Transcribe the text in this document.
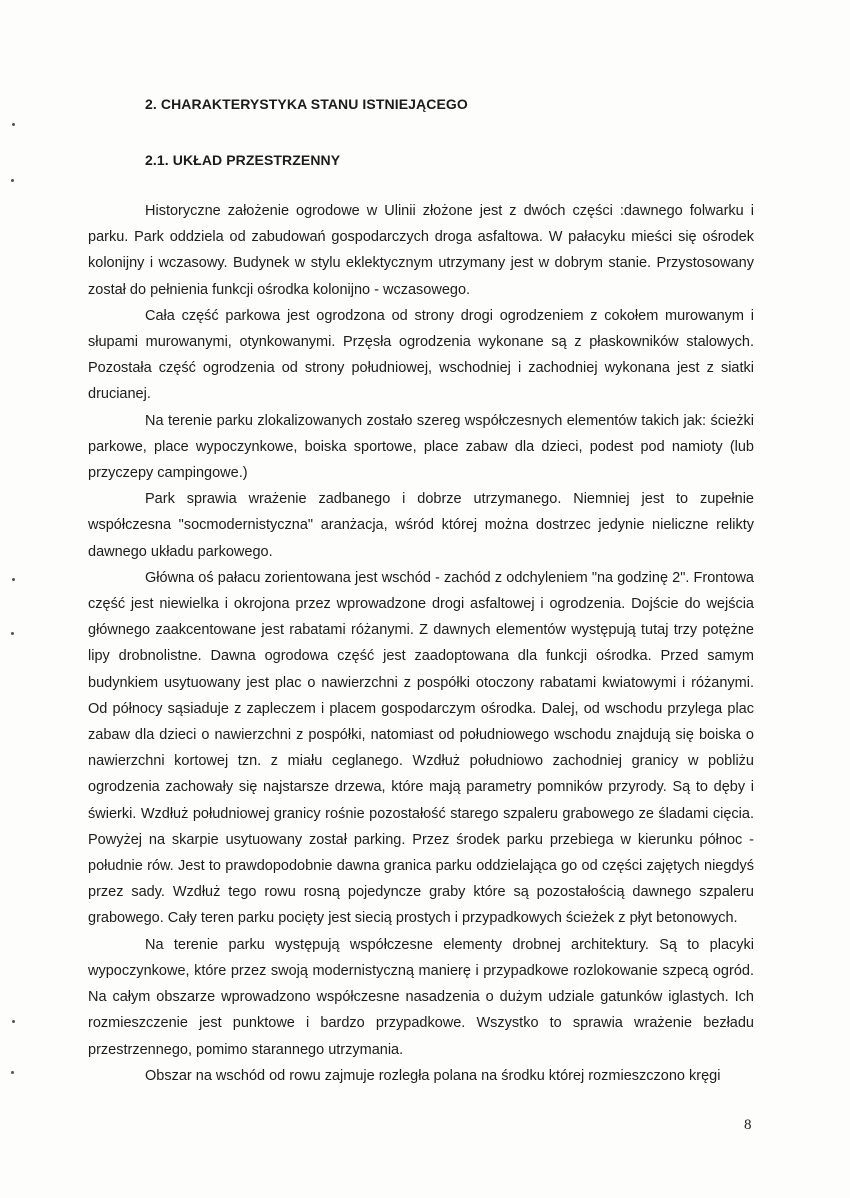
2. CHARAKTERYSTYKA STANU ISTNIEJĄCEGO
2.1. UKŁAD PRZESTRZENNY

Historyczne założenie ogrodowe w Ulinii złożone jest z dwóch części :dawnego folwarku i parku. Park oddziela od zabudowań gospodarczych droga asfaltowa. W pałacyku mieści się ośrodek kolonijny i wczasowy. Budynek w stylu eklektycznym utrzymany jest w dobrym stanie. Przystosowany został do pełnienia funkcji ośrodka kolonijno - wczasowego.

Cała część parkowa jest ogrodzona od strony drogi ogrodzeniem z cokołem murowanym i słupami murowanymi, otynkowanymi. Przęsła ogrodzenia wykonane są z płaskowników stalowych. Pozostała część ogrodzenia od strony południowej, wschodniej i zachodniej wykonana jest z siatki drucianej.

Na terenie parku zlokalizowanych zostało szereg współczesnych elementów takich jak: ścieżki parkowe, place wypoczynkowe, boiska sportowe, place zabaw dla dzieci, podest pod namioty (lub przyczepy campingowe.)

Park sprawia wrażenie zadbanego i dobrze utrzymanego. Niemniej jest to zupełnie współczesna "socmodernistyczna" aranżacja, wśród której można dostrzec jedynie nieliczne relikty dawnego układu parkowego.

Główna oś pałacu zorientowana jest wschód - zachód z odchyleniem "na godzinę 2". Frontowa część jest niewielka i okrojona przez wprowadzone drogi asfaltowej i ogrodzenia. Dojście do wejścia głównego zaakcentowane jest rabatami różanymi. Z dawnych elementów występują tutaj trzy potężne lipy drobnolistne. Dawna ogrodowa część jest zaadoptowana dla funkcji ośrodka. Przed samym budynkiem usytuowany jest plac o nawierzchni z pospółki otoczony rabatami kwiatowymi i różanymi. Od północy sąsiaduje z zapleczem i placem gospodarczym ośrodka. Dalej, od wschodu przylega plac zabaw dla dzieci o nawierzchni z pospółki, natomiast od południowego wschodu znajdują się boiska o nawierzchni kortowej tzn. z miału ceglanego. Wzdłuż południowo zachodniej granicy w pobliżu ogrodzenia zachowały się najstarsze drzewa, które mają parametry pomników przyrody. Są to dęby i świerki. Wzdłuż południowej granicy rośnie pozostałość starego szpaleru grabowego ze śladami cięcia. Powyżej na skarpie usytuowany został parking. Przez środek parku przebiega w kierunku północ - południe rów. Jest to prawdopodobnie dawna granica parku oddzielająca go od części zajętych niegdyś przez sady. Wzdłuż tego rowu rosną pojedyncze graby które są pozostałością dawnego szpaleru grabowego. Cały teren parku pocięty jest siecią prostych i przypadkowych ścieżek z płyt betonowych.

Na terenie parku występują współczesne elementy drobnej architektury. Są to placyki wypoczynkowe, które przez swoją modernistyczną manierę i przypadkowe rozlokowanie szpecą ogród. Na całym obszarze wprowadzono współczesne nasadzenia o dużym udziale gatunków iglastych. Ich rozmieszczenie jest punktowe i bardzo przypadkowe. Wszystko to sprawia wrażenie bezładu przestrzennego, pomimo starannego utrzymania.

Obszar na wschód od rowu zajmuje rozległa polana na środku której rozmieszczono kręgi

8
